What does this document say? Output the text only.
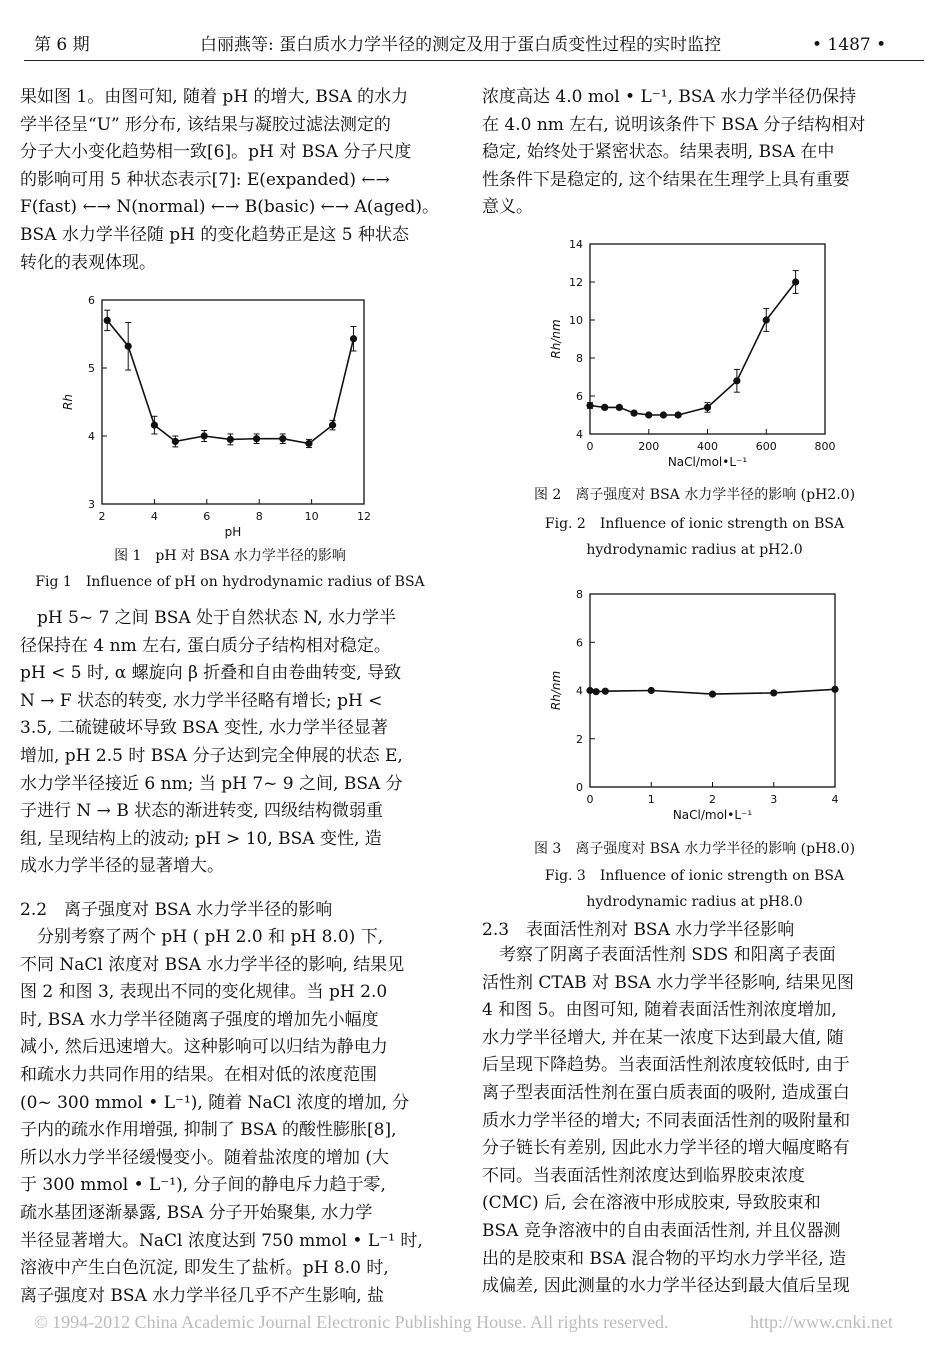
第 6 期	白丽燕等: 蛋白质水力学半径的测定及用于蛋白质变性过程的实时监控	• 1487 •
果如图 1。由图可知, 随着 pH 的增大, BSA 的水力
学半径呈“U” 形分布, 该结果与凝胶过滤法测定的
分子大小变化趋势相一致[6]。pH 对 BSA 分子尺度
的影响可用 5 种状态表示[7]: E(expanded) ←→
F(fast) ←→ N(normal) ←→ B(basic) ←→ A(aged)。
BSA 水力学半径随 pH 的变化趋势正是这 5 种状态
转化的表观体现。
2	4	6	8	10	12
3
4
5
6
pH
Rh
图 1　pH 对 BSA 水力学半径的影响
Fig 1　Influence of pH on hydrodynamic radius of BSA
　pH 5~ 7 之间 BSA 处于自然状态 N, 水力学半
径保持在 4 nm 左右, 蛋白质分子结构相对稳定。
pH < 5 时, α 螺旋向 β 折叠和自由卷曲转变, 导致
N → F 状态的转变, 水力学半径略有增长; pH <
3.5, 二硫键破坏导致 BSA 变性, 水力学半径显著
增加, pH 2.5 时 BSA 分子达到完全伸展的状态 E,
水力学半径接近 6 nm; 当 pH 7~ 9 之间, BSA 分
子进行 N → B 状态的渐进转变, 四级结构微弱重
组, 呈现结构上的波动; pH > 10, BSA 变性, 造
成水力学半径的显著增大。
2.2　离子强度对 BSA 水力学半径的影响
　分别考察了两个 pH ( pH 2.0 和 pH 8.0) 下,
不同 NaCl 浓度对 BSA 水力学半径的影响, 结果见
图 2 和图 3, 表现出不同的变化规律。当 pH 2.0
时, BSA 水力学半径随离子强度的增加先小幅度
减小, 然后迅速增大。这种影响可以归结为静电力
和疏水力共同作用的结果。在相对低的浓度范围
(0~ 300 mmol • L⁻¹), 随着 NaCl 浓度的增加, 分
子内的疏水作用增强, 抑制了 BSA 的酸性膨胀[8],
所以水力学半径缓慢变小。随着盐浓度的增加 (大
于 300 mmol • L⁻¹), 分子间的静电斥力趋于零,
疏水基团逐渐暴露, BSA 分子开始聚集, 水力学
半径显著增大。NaCl 浓度达到 750 mmol • L⁻¹ 时,
溶液中产生白色沉淀, 即发生了盐析。pH 8.0 时,
离子强度对 BSA 水力学半径几乎不产生影响, 盐
浓度高达 4.0 mol • L⁻¹, BSA 水力学半径仍保持
在 4.0 nm 左右, 说明该条件下 BSA 分子结构相对
稳定, 始终处于紧密状态。结果表明, BSA 在中
性条件下是稳定的, 这个结果在生理学上具有重要
意义。
0	200	400	600	800
4
6
8
10
12
14
NaCl/mol•L⁻¹
Rh/nm
图 2　离子强度对 BSA 水力学半径的影响 (pH2.0)
Fig. 2　Influence of ionic strength on BSA
hydrodynamic radius at pH2.0
0	1	2	3	4
0
2
4
6
8
NaCl/mol•L⁻¹
Rh/nm
图 3　离子强度对 BSA 水力学半径的影响 (pH8.0)
Fig. 3　Influence of ionic strength on BSA
hydrodynamic radius at pH8.0
2.3　表面活性剂对 BSA 水力学半径影响
　考察了阴离子表面活性剂 SDS 和阳离子表面
活性剂 CTAB 对 BSA 水力学半径影响, 结果见图
4 和图 5。由图可知, 随着表面活性剂浓度增加,
水力学半径增大, 并在某一浓度下达到最大值, 随
后呈现下降趋势。当表面活性剂浓度较低时, 由于
离子型表面活性剂在蛋白质表面的吸附, 造成蛋白
质水力学半径的增大; 不同表面活性剂的吸附量和
分子链长有差别, 因此水力学半径的增大幅度略有
不同。当表面活性剂浓度达到临界胶束浓度
(CMC) 后, 会在溶液中形成胶束, 导致胶束和
BSA 竞争溶液中的自由表面活性剂, 并且仪器测
出的是胶束和 BSA 混合物的平均水力学半径, 造
成偏差, 因此测量的水力学半径达到最大值后呈现
© 1994-2012 China Academic Journal Electronic Publishing House. All rights reserved.	http://www.cnki.net
